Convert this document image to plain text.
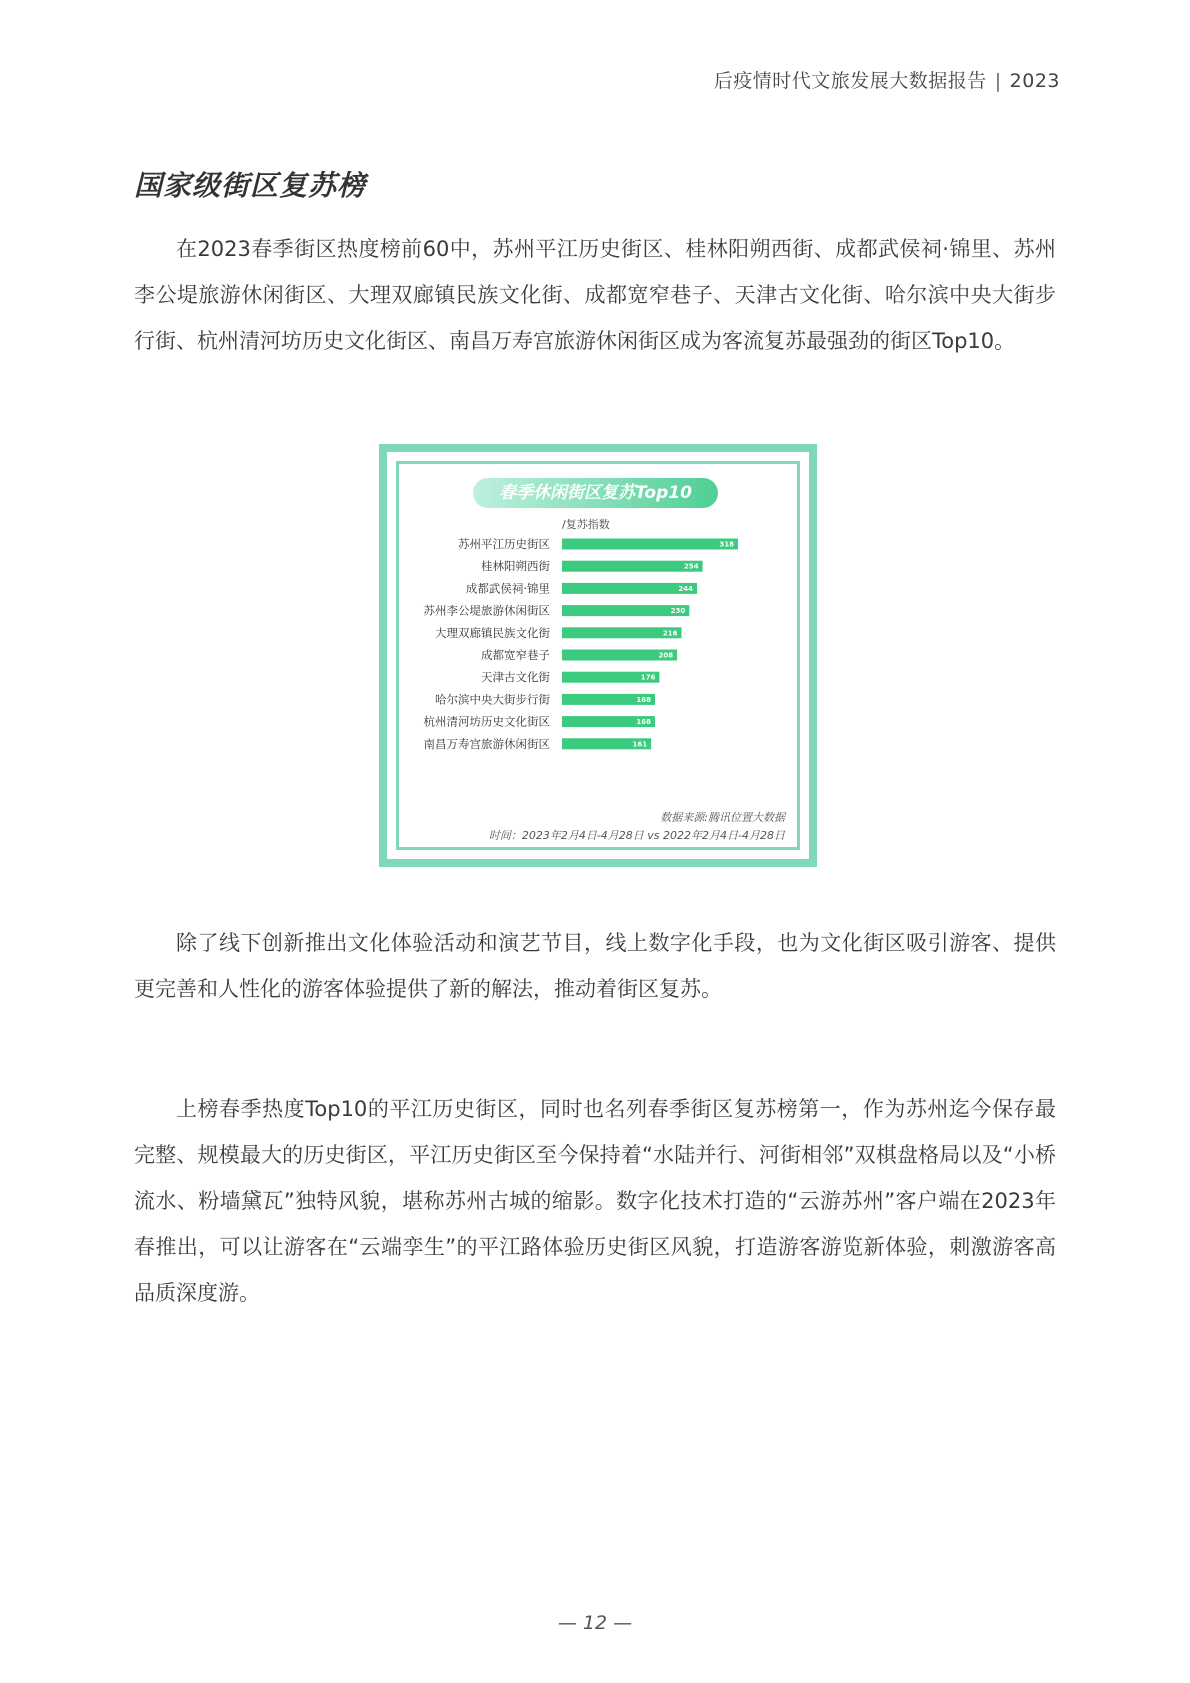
后疫情时代文旅发展大数据报告 | 2023
国家级街区复苏榜

在2023春季街区热度榜前60中，苏州平江历史街区、桂林阳朔西街、成都武侯祠·锦里、苏州李公堤旅游休闲街区、大理双廊镇民族文化街、成都宽窄巷子、天津古文化街、哈尔滨中央大街步行街、杭州清河坊历史文化街区、南昌万寿宫旅游休闲街区成为客流复苏最强劲的街区Top10。

春季休闲街区复苏Top10
/复苏指数
苏州平江历史街区	318
桂林阳朔西街	254
成都武侯祠·锦里	244
苏州李公堤旅游休闲街区	230
大理双廊镇民族文化街	216
成都宽窄巷子	208
天津古文化街	176
哈尔滨中央大街步行街	168
杭州清河坊历史文化街区	168
南昌万寿宫旅游休闲街区	161
数据来源:腾讯位置大数据
时间：2023年2月4日-4月28日 vs 2022年2月4日-4月28日

除了线下创新推出文化体验活动和演艺节目，线上数字化手段，也为文化街区吸引游客、提供更完善和人性化的游客体验提供了新的解法，推动着街区复苏。

上榜春季热度Top10的平江历史街区，同时也名列春季街区复苏榜第一，作为苏州迄今保存最完整、规模最大的历史街区，平江历史街区至今保持着“水陆并行、河街相邻”双棋盘格局以及“小桥流水、粉墙黛瓦”独特风貌，堪称苏州古城的缩影。数字化技术打造的“云游苏州”客户端在2023年春推出，可以让游客在“云端孪生”的平江路体验历史街区风貌，打造游客游览新体验，刺激游客高品质深度游。

— 12 —
